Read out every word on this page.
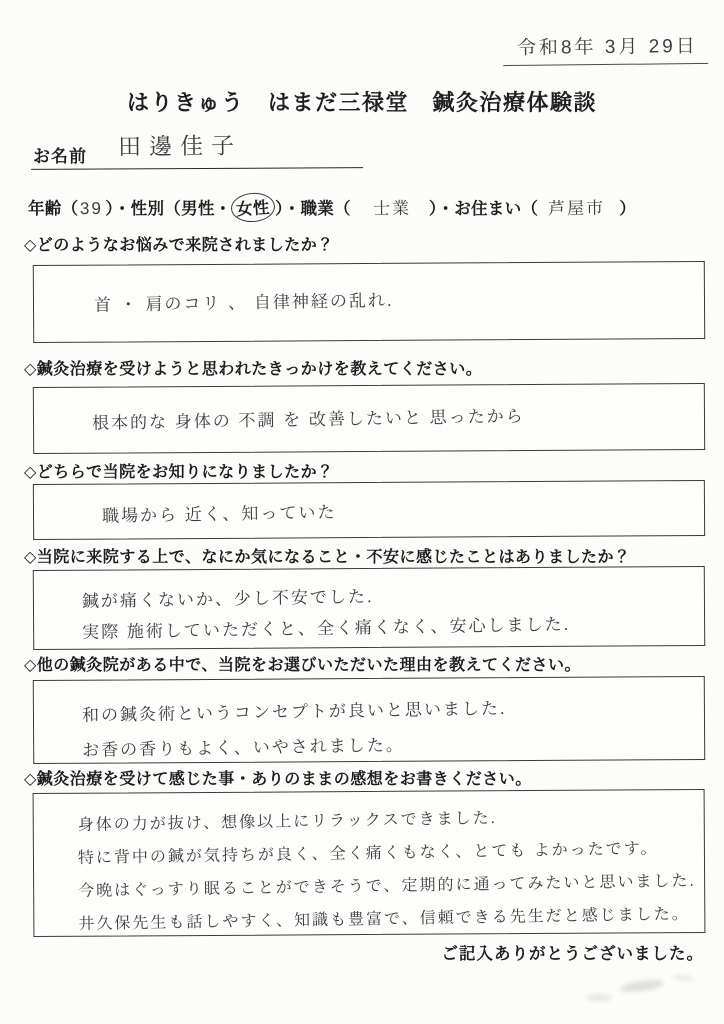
令和8年 3月 29日
はりきゅう　はまだ三禄堂　鍼灸治療体験談
お名前 田邊佳子
年齢（ 39 ）・性別（男性・ 女性 ）・職業（ 士業 ）・お住まい（ 芦屋市 ）
◇どのようなお悩みで来院されましたか？
首 ・ 肩のコリ 、 自律神経の乱れ.
◇鍼灸治療を受けようと思われたきっかけを教えてください。
根本的な 身体の 不調 を 改善したいと 思ったから
◇どちらで当院をお知りになりましたか？
職場から 近く、知っていた
◇当院に来院する上で、なにか気になること・不安に感じたことはありましたか？
鍼が痛くないか、少し不安でした.
実際 施術していただくと、全く痛くなく、安心しました.
◇他の鍼灸院がある中で、当院をお選びいただいた理由を教えてください。
和の鍼灸術というコンセプトが良いと思いました.
お香の香りもよく、いやされました。
◇鍼灸治療を受けて感じた事・ありのままの感想をお書きください。
身体の力が抜け、想像以上にリラックスできました.
特に背中の鍼が気持ちが良く、全く痛くもなく、とても よかったです。
今晩はぐっすり眠ることができそうで、定期的に通ってみたいと思いました.
井久保先生も話しやすく、知識も豊富で、信頼できる先生だと感じました。
ご記入ありがとうございました。
